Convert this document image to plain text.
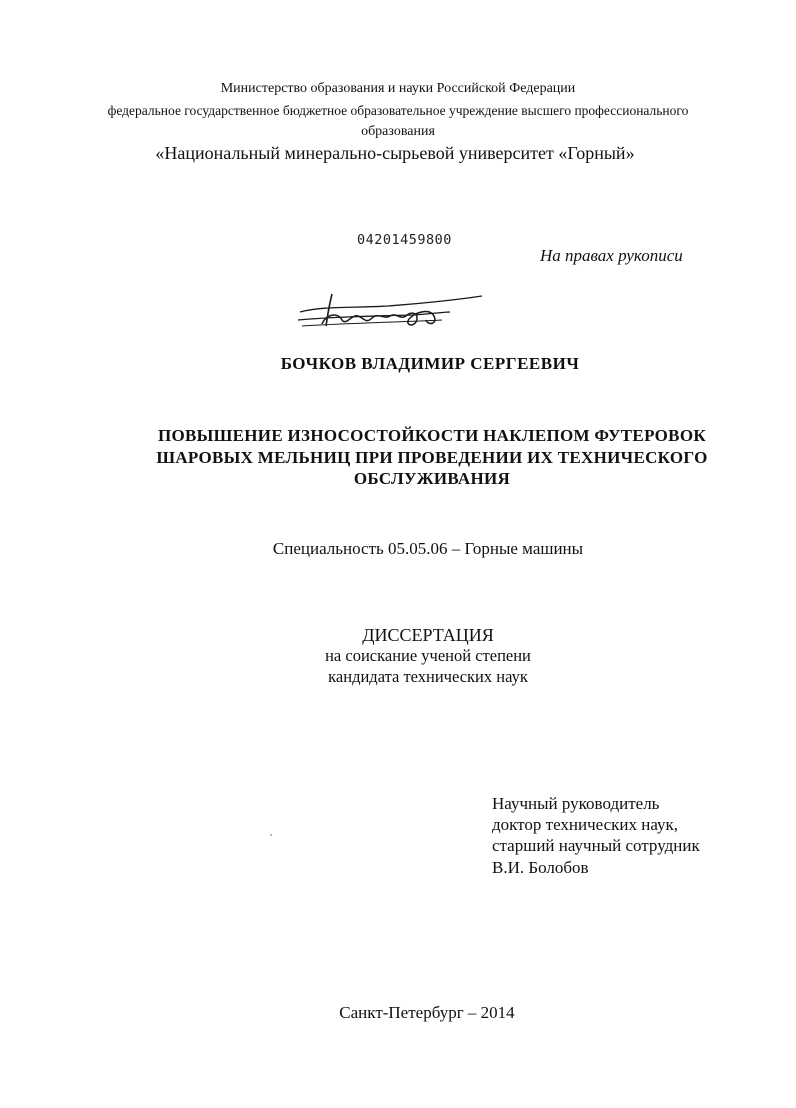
Министерство образования и науки Российской Федерации
федеральное государственное бюджетное образовательное учреждение высшего профессионального
образования
«Национальный минерально-сырьевой университет «Горный»
04201459800
На правах рукописи
БОЧКОВ ВЛАДИМИР СЕРГЕЕВИЧ
ПОВЫШЕНИЕ ИЗНОСОСТОЙКОСТИ НАКЛЕПОМ ФУТЕРОВОК
ШАРОВЫХ МЕЛЬНИЦ ПРИ ПРОВЕДЕНИИ ИХ ТЕХНИЧЕСКОГО
ОБСЛУЖИВАНИЯ
Специальность 05.05.06 – Горные машины
ДИССЕРТАЦИЯ
на соискание ученой степени
кандидата технических наук
Научный руководитель
доктор технических наук,
старший научный сотрудник
В.И. Болобов
Санкт-Петербург – 2014
